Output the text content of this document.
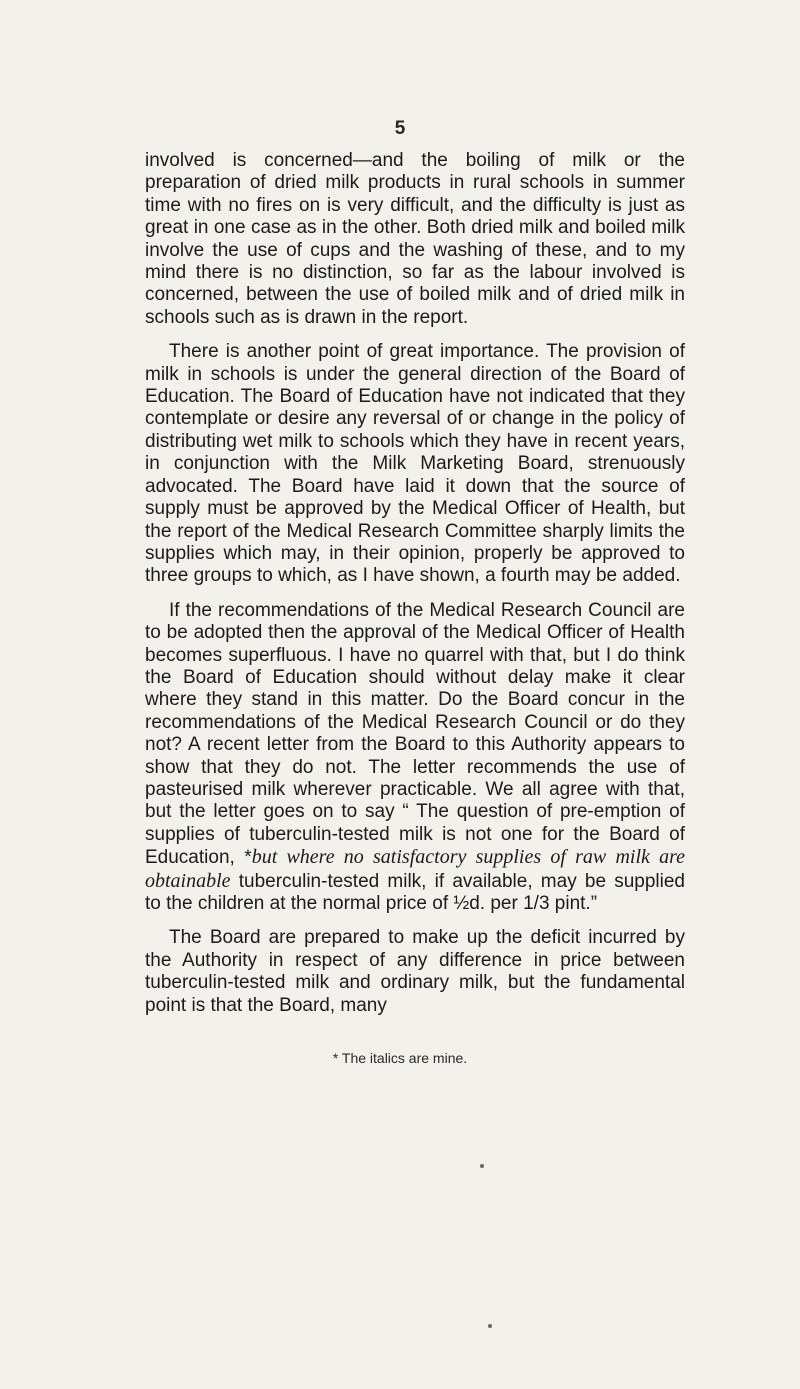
5

involved is concerned—and the boiling of milk or the preparation of dried milk products in rural schools in summer time with no fires on is very difficult, and the difficulty is just as great in one case as in the other. Both dried milk and boiled milk involve the use of cups and the washing of these, and to my mind there is no distinction, so far as the labour involved is concerned, between the use of boiled milk and of dried milk in schools such as is drawn in the report.

There is another point of great importance. The provision of milk in schools is under the general direction of the Board of Education. The Board of Education have not indicated that they contemplate or desire any reversal of or change in the policy of distributing wet milk to schools which they have in recent years, in conjunction with the Milk Marketing Board, strenuously advocated. The Board have laid it down that the source of supply must be approved by the Medical Officer of Health, but the report of the Medical Research Committee sharply limits the supplies which may, in their opinion, properly be approved to three groups to which, as I have shown, a fourth may be added.

If the recommendations of the Medical Research Council are to be adopted then the approval of the Medical Officer of Health becomes superfluous. I have no quarrel with that, but I do think the Board of Education should without delay make it clear where they stand in this matter. Do the Board concur in the recommendations of the Medical Research Council or do they not? A recent letter from the Board to this Authority appears to show that they do not. The letter recommends the use of pasteurised milk wherever practicable. We all agree with that, but the letter goes on to say “ The question of pre-emption of supplies of tuberculin-tested milk is not one for the Board of Education, *but where no satisfactory supplies of raw milk are obtainable tuberculin-tested milk, if available, may be supplied to the children at the normal price of ½d. per 1/3 pint.”

The Board are prepared to make up the deficit incurred by the Authority in respect of any difference in price between tuberculin-tested milk and ordinary milk, but the fundamental point is that the Board, many

* The italics are mine.
